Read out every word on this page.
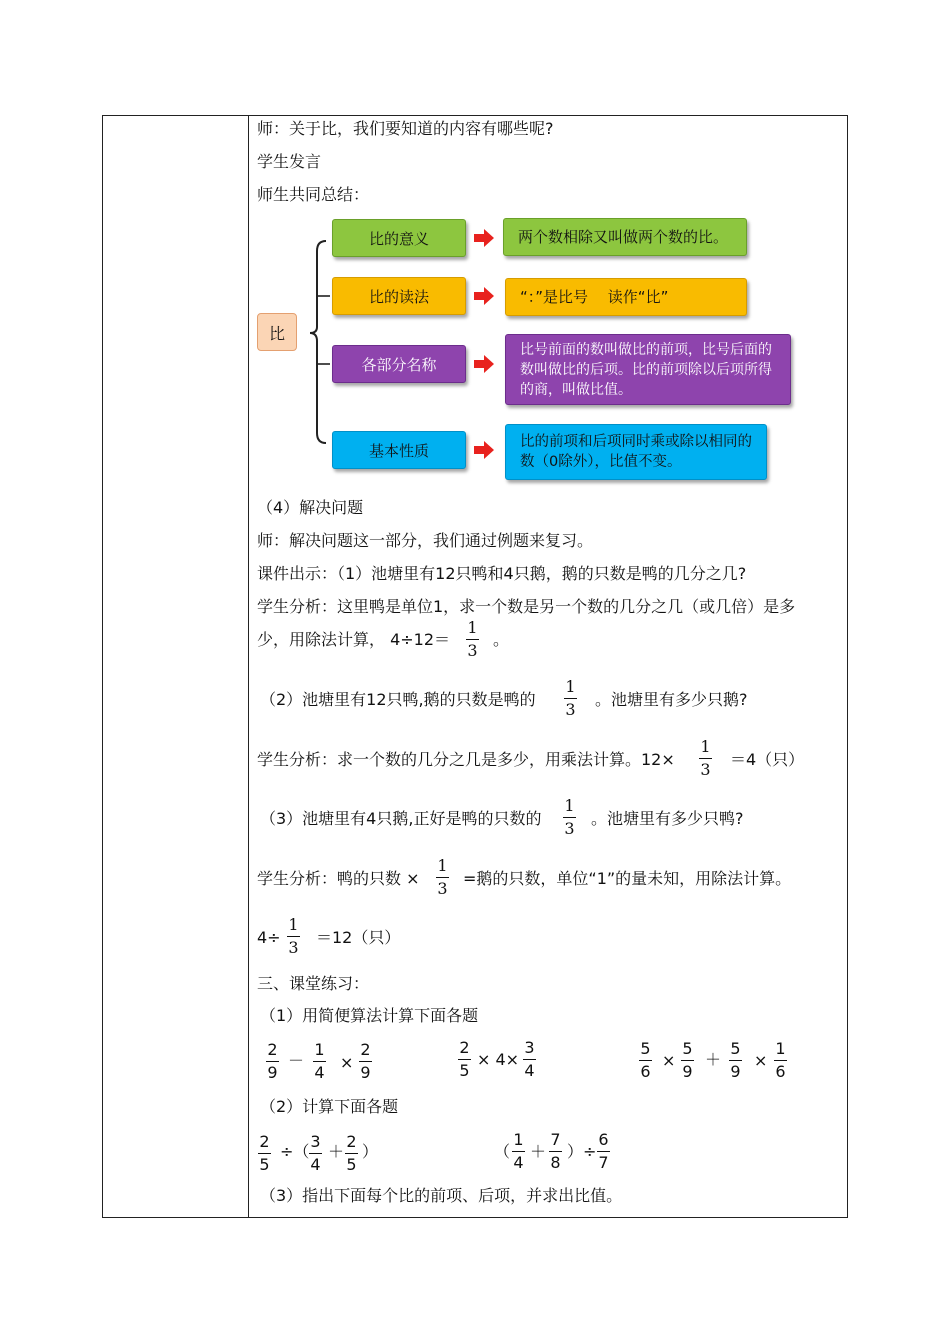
师：关于比，我们要知道的内容有哪些呢?
学生发言
师生共同总结：
比
比的意义	两个数相除又叫做两个数的比。
比的读法	“：”是比号　 读作“比”
各部分名称
比号前面的数叫做比的前项，比号后面的数叫做比的后项。比的前项除以后项所得的商，叫做比值。
基本性质	比的前项和后项同时乘或除以相同的数（0除外），比值不变。
（4）解决问题
师：解决问题这一部分，我们通过例题来复习。
课件出示：（1）池塘里有12只鸭和4只鹅，鹅的只数是鸭的几分之几?
学生分析：这里鸭是单位1，求一个数是另一个数的几分之几（或几倍）是多
少，用除法计算， 4÷12＝
1
3
。
（2）池塘里有12只鸭,鹅的只数是鸭的
1
3
。池塘里有多少只鹅?
学生分析：求一个数的几分之几是多少，用乘法计算。12×
1
3
＝4（只）
（3）池塘里有4只鹅,正好是鸭的只数的
1
3
。池塘里有多少只鸭?
学生分析：鸭的只数 ×
1
3
=鹅的只数，单位“1”的量未知，用除法计算。
4÷
1
3
＝12（只）
三、课堂练习：
（1）用简便算法计算下面各题
2
9
－
1
4
×
2
9
2
5
× 4×
3
4
5
6
×
5
9
＋
5
9
×
1
6
（2）计算下面各题
2
5
÷（
3
4
＋
2
5
）	（
1
4
＋
7
8
）÷
6
7
（3）指出下面每个比的前项、后项，并求出比值。
